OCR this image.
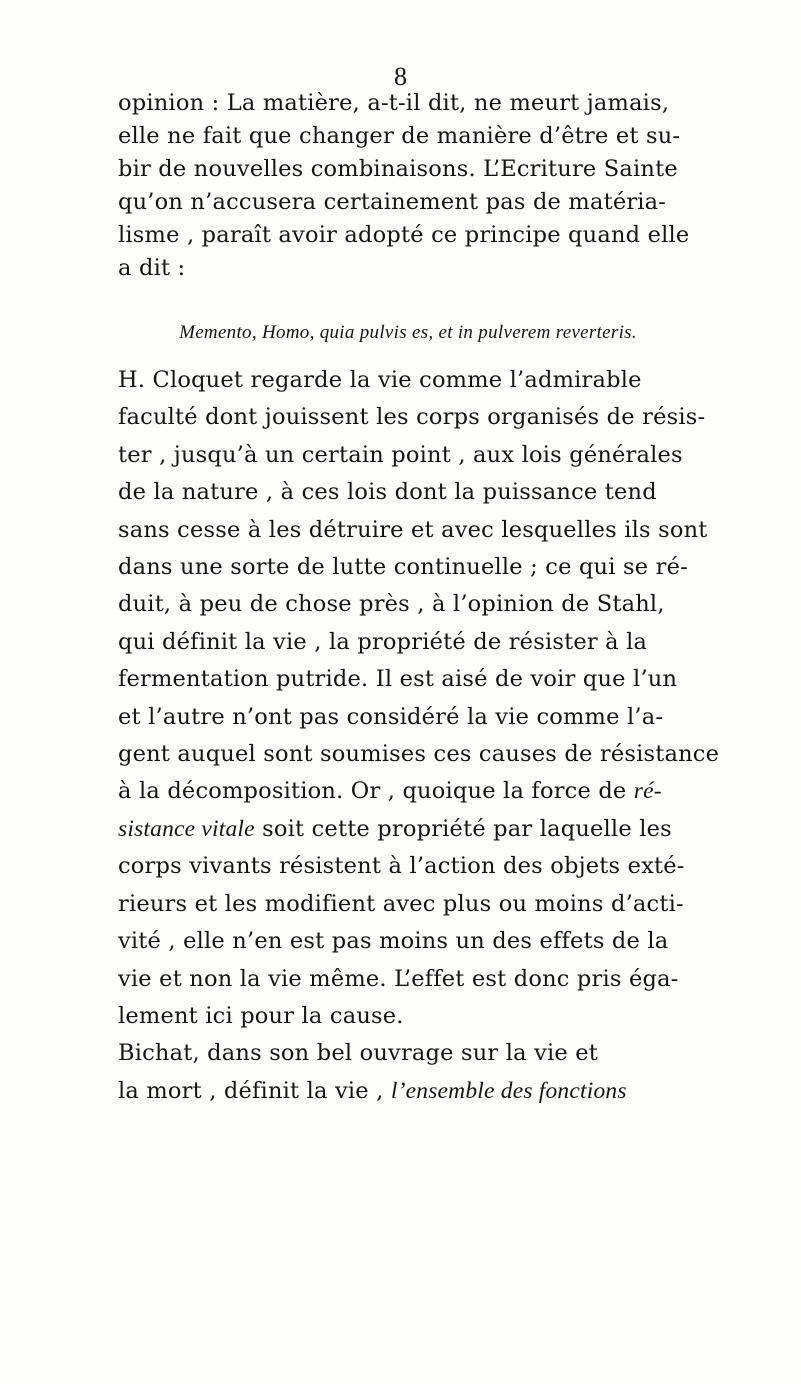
8
opinion : La matière, a-t-il dit, ne meurt jamais,
elle ne fait que changer de manière d’être et su-
bir de nouvelles combinaisons. L’Ecriture Sainte
qu’on n’accusera certainement pas de matéria-
lisme , paraît avoir adopté ce principe quand elle
a dit :
Memento, Homo, quia pulvis es, et in pulverem reverteris.
H. Cloquet regarde la vie comme l’admirable
faculté dont jouissent les corps organisés de résis-
ter , jusqu’à un certain point , aux lois générales
de la nature , à ces lois dont la puissance tend
sans cesse à les détruire et avec lesquelles ils sont
dans une sorte de lutte continuelle ; ce qui se ré-
duit, à peu de chose près , à l’opinion de Stahl,
qui définit la vie , la propriété de résister à la
fermentation putride. Il est aisé de voir que l’un
et l’autre n’ont pas considéré la vie comme l’a-
gent auquel sont soumises ces causes de résistance
à la décomposition. Or , quoique la force de ré-
sistance vitale soit cette propriété par laquelle les
corps vivants résistent à l’action des objets exté-
rieurs et les modifient avec plus ou moins d’acti-
vité , elle n’en est pas moins un des effets de la
vie et non la vie même. L’effet est donc pris éga-
lement ici pour la cause.
Bichat, dans son bel ouvrage sur la vie et
la mort , définit la vie , l’ensemble des fonctions
